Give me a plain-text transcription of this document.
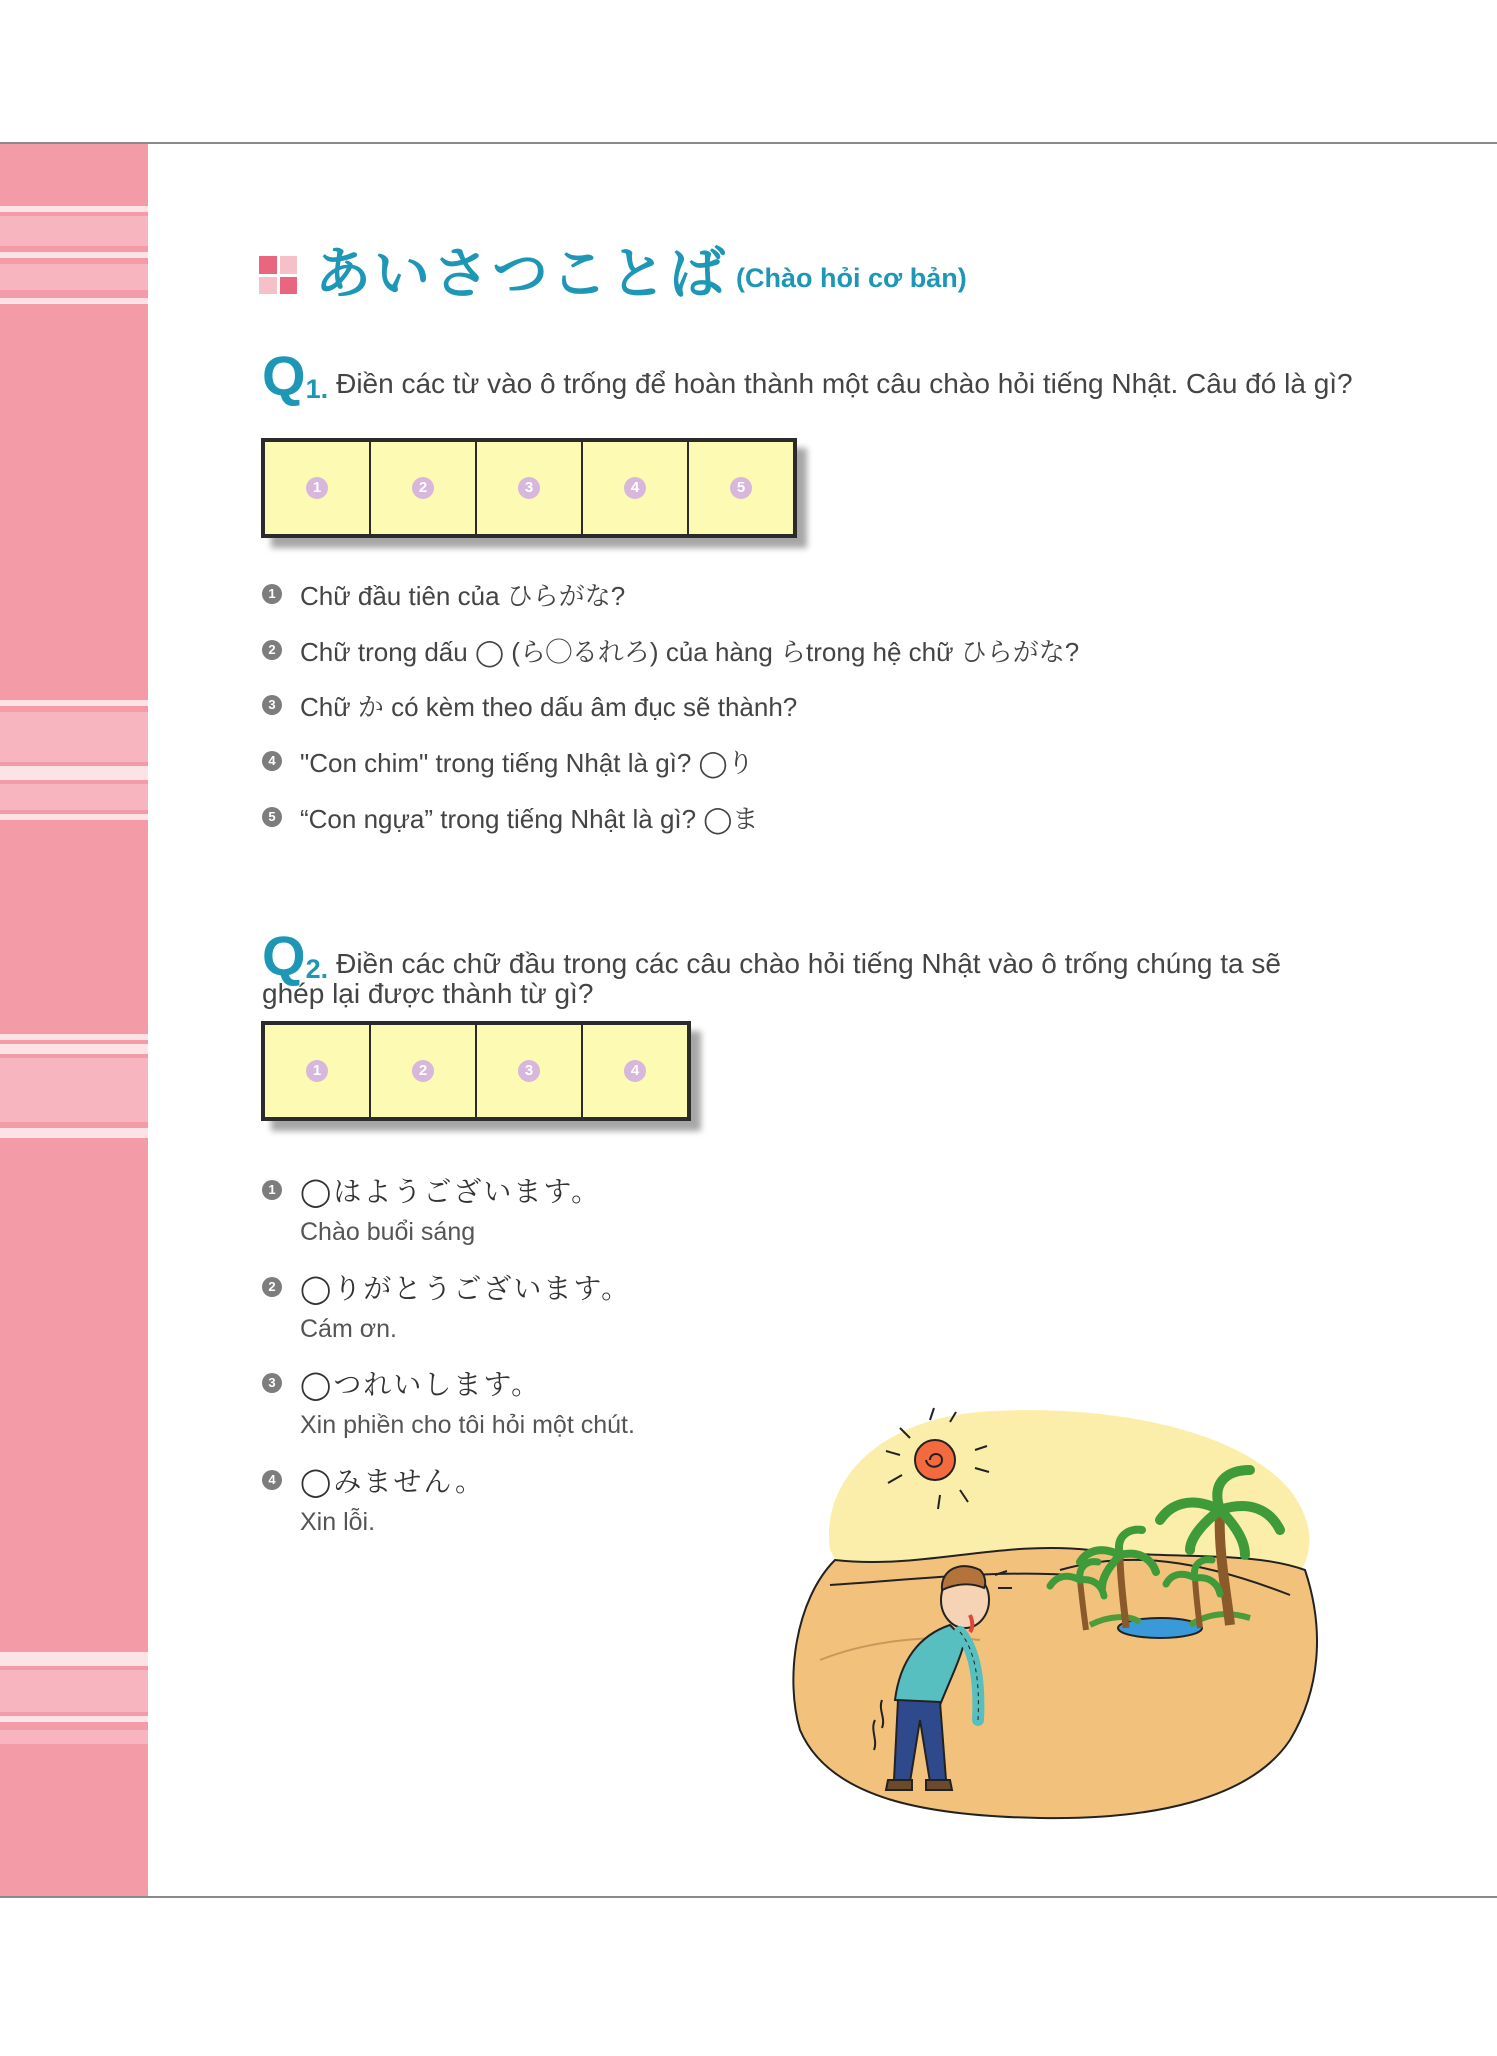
あいさつことば (Chào hỏi cơ bản)
Q 1. Điền các từ vào ô trống để hoàn thành một câu chào hỏi tiếng Nhật. Câu đó là gì?
1	2	3	4	5
1 Chữ đầu tiên của ひらがな?
2 Chữ trong dấu ◯ (ら◯るれろ) của hàng らtrong hệ chữ ひらがな?
3 Chữ か có kèm theo dấu âm đục sẽ thành?
4 "Con chim" trong tiếng Nhật là gì? ◯り
5 “Con ngựa” trong tiếng Nhật là gì? ◯ま
Q 2. Điền các chữ đầu trong các câu chào hỏi tiếng Nhật vào ô trống chúng ta sẽ
ghép lại được thành từ gì?
1	2	3	4
1 ◯はようございます。
Chào buổi sáng
2 ◯りがとうございます。
Cám ơn.
3 ◯つれいします。
Xin phiền cho tôi hỏi một chút.
4 ◯みません。
Xin lỗi.
